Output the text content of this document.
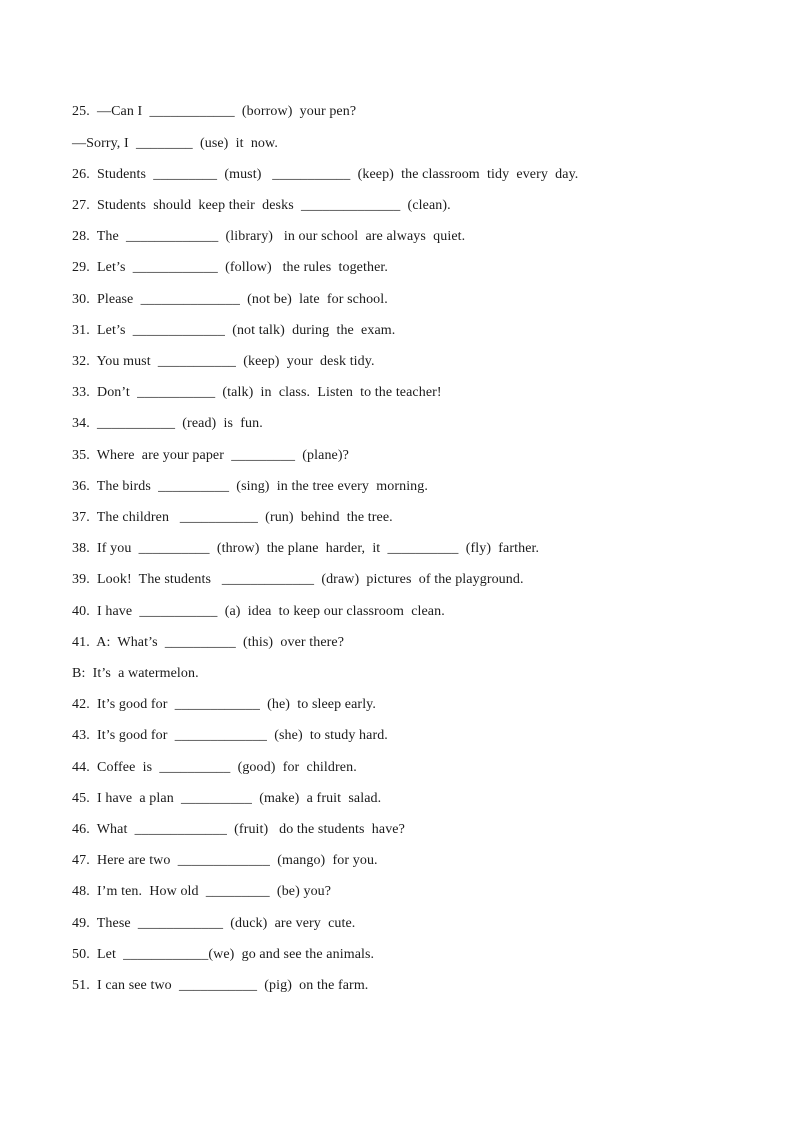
25.  —Can I  ____________  (borrow)  your pen?
—Sorry, I  ________  (use)  it  now.
26.  Students  _________  (must)   ___________  (keep)  the classroom  tidy  every  day.
27.  Students  should  keep their  desks  ______________  (clean).
28.  The  _____________  (library)   in our school  are always  quiet.
29.  Let’s  ____________  (follow)   the rules  together.
30.  Please  ______________  (not be)  late  for school.
31.  Let’s  _____________  (not talk)  during  the  exam.
32.  You must  ___________  (keep)  your  desk tidy.
33.  Don’t  ___________  (talk)  in  class.  Listen  to the teacher!
34.  ___________  (read)  is  fun.
35.  Where  are your paper  _________  (plane)?
36.  The birds  __________  (sing)  in the tree every  morning.
37.  The children   ___________  (run)  behind  the tree.
38.  If you  __________  (throw)  the plane  harder,  it  __________  (fly)  farther.
39.  Look!  The students   _____________  (draw)  pictures  of the playground.
40.  I have  ___________  (a)  idea  to keep our classroom  clean.
41.  A:  What’s  __________  (this)  over there?
B:  It’s  a watermelon.
42.  It’s good for  ____________  (he)  to sleep early.
43.  It’s good for  _____________  (she)  to study hard.
44.  Coffee  is  __________  (good)  for  children.
45.  I have  a plan  __________  (make)  a fruit  salad.
46.  What  _____________  (fruit)   do the students  have?
47.  Here are two  _____________  (mango)  for you.
48.  I’m ten.  How old  _________  (be) you?
49.  These  ____________  (duck)  are very  cute.
50.  Let  ____________(we)  go and see the animals.
51.  I can see two  ___________  (pig)  on the farm.
